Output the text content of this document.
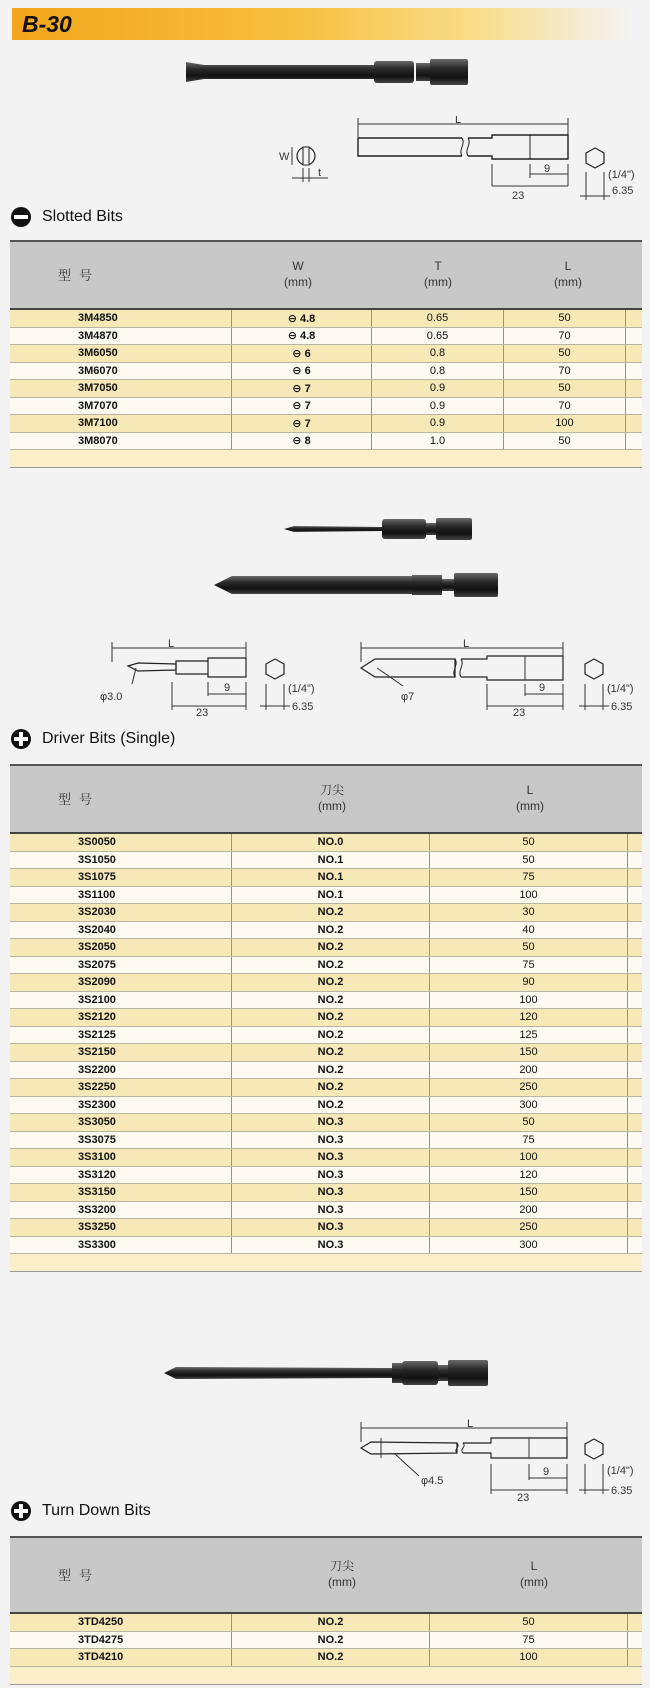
B-30
L
W
t	9
23
(1/4")
6.35
Slotted Bits
型号
W
(mm)
T
(mm)
L
(mm)
3M4850	⊖ 4.8	0.65	50
3M4870	⊖ 4.8	0.65	70
3M6050	⊖ 6	0.8	50
3M6070	⊖ 6	0.8	70
3M7050	⊖ 7	0.9	50
3M7070	⊖ 7	0.9	70
3M7100	⊖ 7	0.9	100
3M8070	⊖ 8	1.0	50
L
φ3.0
9
23
(1/4")
6.35
L
φ7
9
23
(1/4")
6.35
Driver Bits (Single)
型号
刀尖
(mm)
L
(mm)
3S0050	NO.0	50
3S1050	NO.1	50
3S1075	NO.1	75
3S1100	NO.1	100
3S2030	NO.2	30
3S2040	NO.2	40
3S2050	NO.2	50
3S2075	NO.2	75
3S2090	NO.2	90
3S2100	NO.2	100
3S2120	NO.2	120
3S2125	NO.2	125
3S2150	NO.2	150
3S2200	NO.2	200
3S2250	NO.2	250
3S2300	NO.2	300
3S3050	NO.3	50
3S3075	NO.3	75
3S3100	NO.3	100
3S3120	NO.3	120
3S3150	NO.3	150
3S3200	NO.3	200
3S3250	NO.3	250
3S3300	NO.3	300
L
φ4.5
9
23
(1/4")
6.35
Turn Down Bits
型号
刀尖
(mm)
L
(mm)
3TD4250	NO.2	50
3TD4275	NO.2	75
3TD4210	NO.2	100
